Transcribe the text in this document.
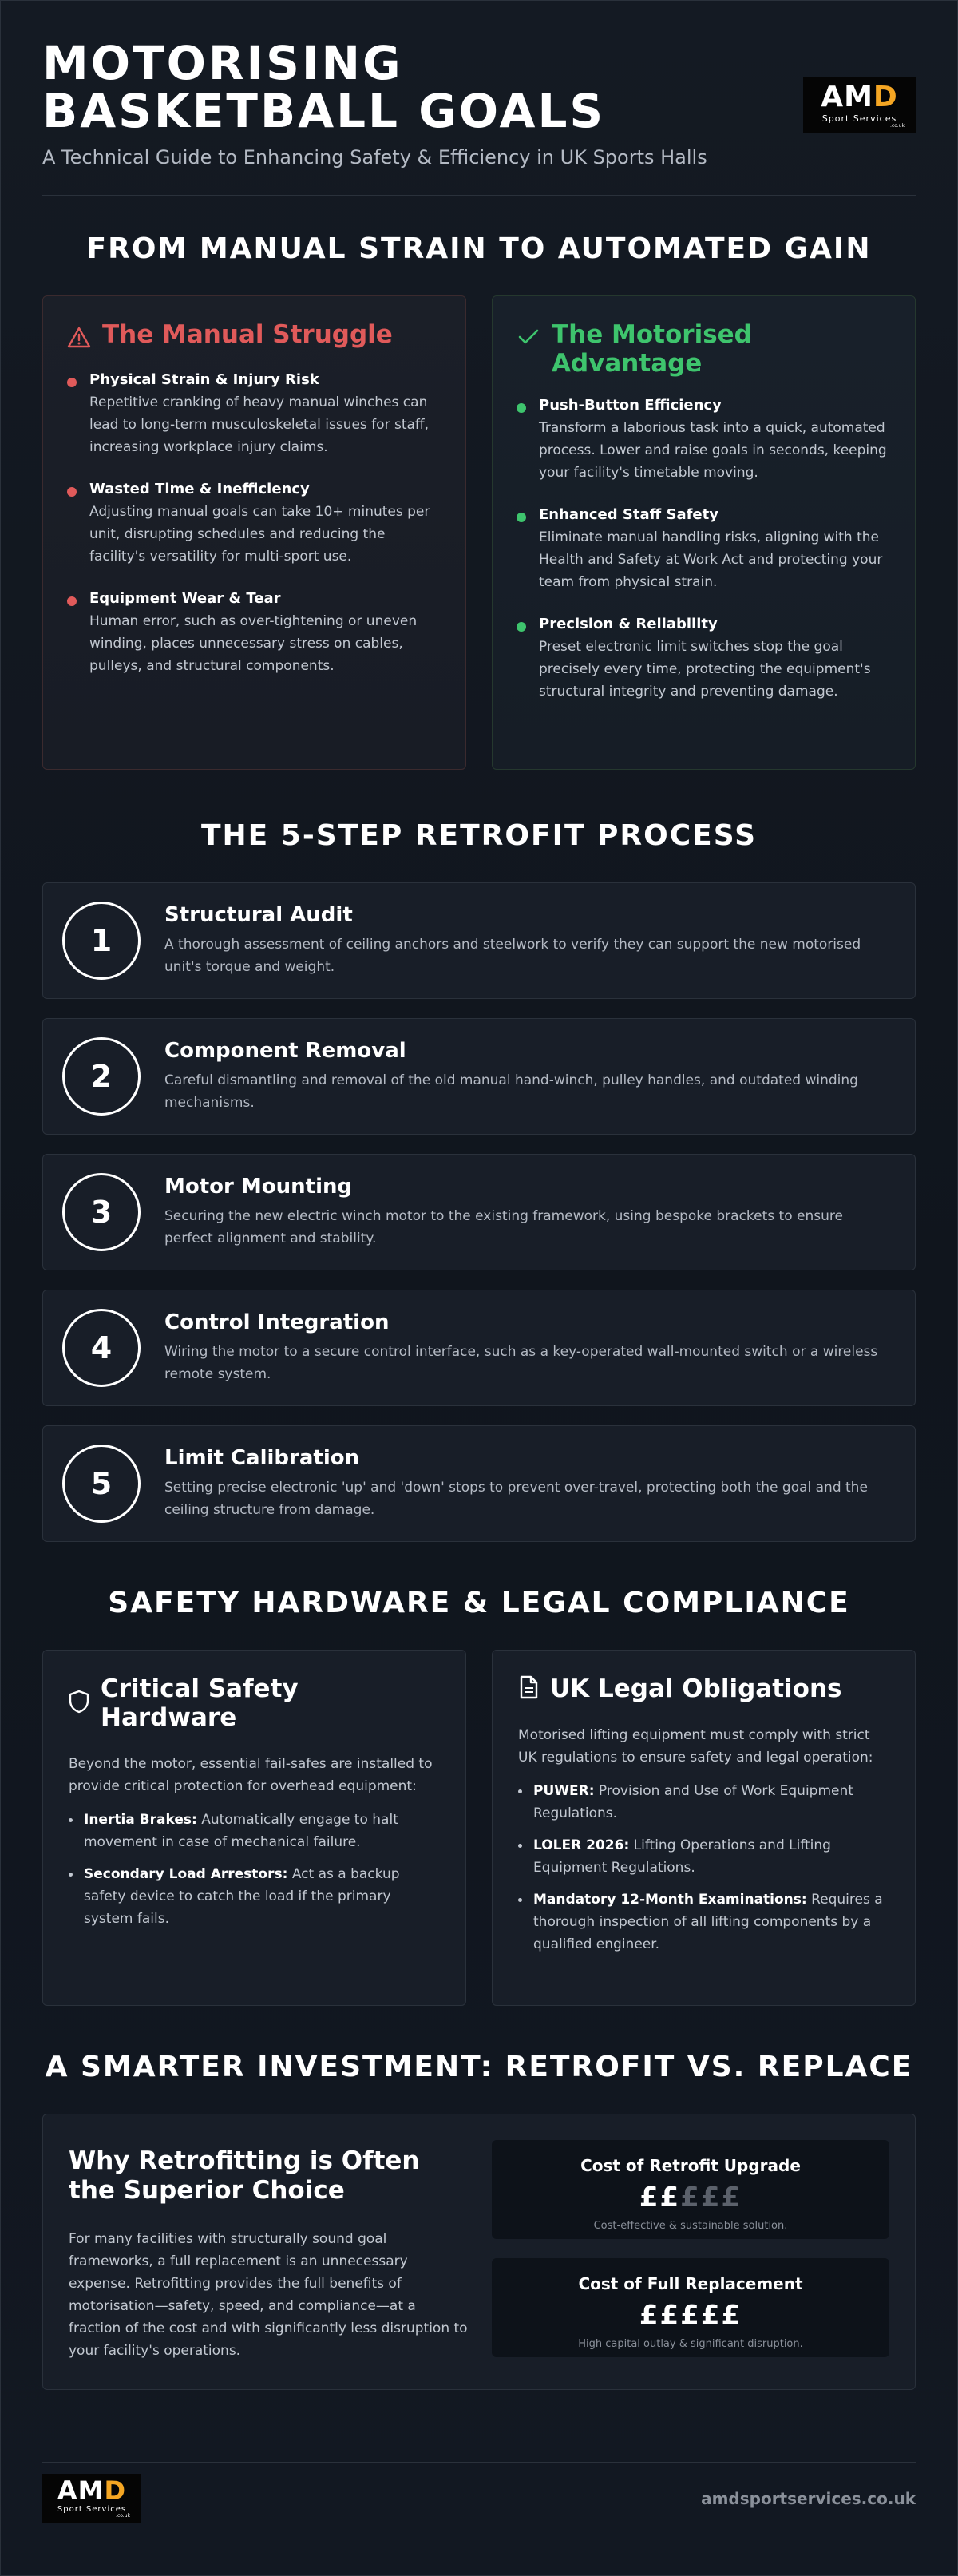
MOTORISING BASKETBALL GOALS
A Technical Guide to Enhancing Safety & Efficiency in UK Sports Halls
AMD
Sport Services
.co.uk
FROM MANUAL STRAIN TO AUTOMATED GAIN
The Manual Struggle
Physical Strain & Injury Risk
Repetitive cranking of heavy manual winches can lead to long-term musculoskeletal issues for staff, increasing workplace injury claims.
Wasted Time & Inefficiency
Adjusting manual goals can take 10+ minutes per unit, disrupting schedules and reducing the facility's versatility for multi-sport use.
Equipment Wear & Tear
Human error, such as over-tightening or uneven winding, places unnecessary stress on cables, pulleys, and structural components.
The Motorised Advantage
Push-Button Efficiency
Transform a laborious task into a quick, automated process. Lower and raise goals in seconds, keeping your facility's timetable moving.
Enhanced Staff Safety
Eliminate manual handling risks, aligning with the Health and Safety at Work Act and protecting your team from physical strain.
Precision & Reliability
Preset electronic limit switches stop the goal precisely every time, protecting the equipment's structural integrity and preventing damage.
THE 5-STEP RETROFIT PROCESS
1
Structural Audit
A thorough assessment of ceiling anchors and steelwork to verify they can support the new motorised unit's torque and weight.
2
Component Removal
Careful dismantling and removal of the old manual hand-winch, pulley handles, and outdated winding mechanisms.
3
Motor Mounting
Securing the new electric winch motor to the existing framework, using bespoke brackets to ensure perfect alignment and stability.
4
Control Integration
Wiring the motor to a secure control interface, such as a key-operated wall-mounted switch or a wireless remote system.
5
Limit Calibration
Setting precise electronic 'up' and 'down' stops to prevent over-travel, protecting both the goal and the ceiling structure from damage.
SAFETY HARDWARE & LEGAL COMPLIANCE
Critical Safety Hardware
Beyond the motor, essential fail-safes are installed to provide critical protection for overhead equipment:
Inertia Brakes: Automatically engage to halt movement in case of mechanical failure.
Secondary Load Arrestors: Act as a backup safety device to catch the load if the primary system fails.
UK Legal Obligations
Motorised lifting equipment must comply with strict UK regulations to ensure safety and legal operation:
PUWER: Provision and Use of Work Equipment Regulations.
LOLER 2026: Lifting Operations and Lifting Equipment Regulations.
Mandatory 12-Month Examinations: Requires a thorough inspection of all lifting components by a qualified engineer.
A SMARTER INVESTMENT: RETROFIT VS. REPLACE
Why Retrofitting is Often the Superior Choice
For many facilities with structurally sound goal frameworks, a full replacement is an unnecessary expense. Retrofitting provides the full benefits of motorisation—safety, speed, and compliance—at a fraction of the cost and with significantly less disruption to your facility's operations.
Cost of Retrofit Upgrade
£££££
Cost-effective & sustainable solution.
Cost of Full Replacement
£££££
High capital outlay & significant disruption.
AMD
Sport Services
.co.uk
amdsportservices.co.uk
